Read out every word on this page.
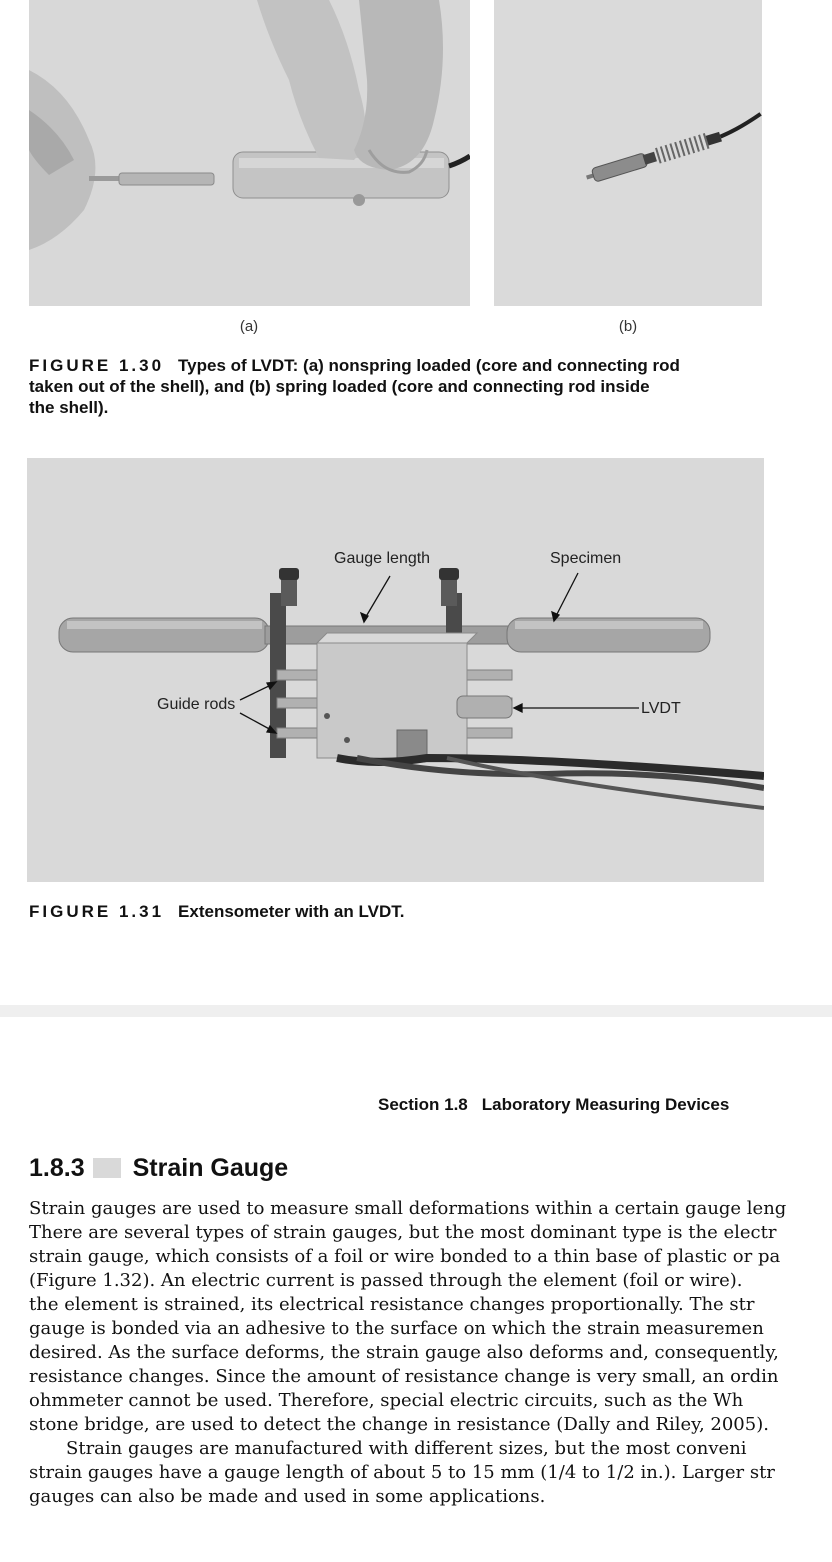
(a)	(b)
FIGURE 1.30 Types of LVDT: (a) nonspring loaded (core and connecting rod
taken out of the shell), and (b) spring loaded (core and connecting rod inside
the shell).
Gauge length	Specimen
Guide rods	LVDT
FIGURE 1.31 Extensometer with an LVDT.
Section 1.8 Laboratory Measuring Devices
1.8.3 Strain Gauge
Strain gauges are used to measure small deformations within a certain gauge leng
There are several types of strain gauges, but the most dominant type is the electr
strain gauge, which consists of a foil or wire bonded to a thin base of plastic or pa
(Figure 1.32). An electric current is passed through the element (foil or wire).
the element is strained, its electrical resistance changes proportionally. The str
gauge is bonded via an adhesive to the surface on which the strain measuremen
desired. As the surface deforms, the strain gauge also deforms and, consequently,
resistance changes. Since the amount of resistance change is very small, an ordin
ohmmeter cannot be used. Therefore, special electric circuits, such as the Wh
stone bridge, are used to detect the change in resistance (Dally and Riley, 2005).
Strain gauges are manufactured with different sizes, but the most conveni
strain gauges have a gauge length of about 5 to 15 mm (1/4 to 1/2 in.). Larger str
gauges can also be made and used in some applications.
